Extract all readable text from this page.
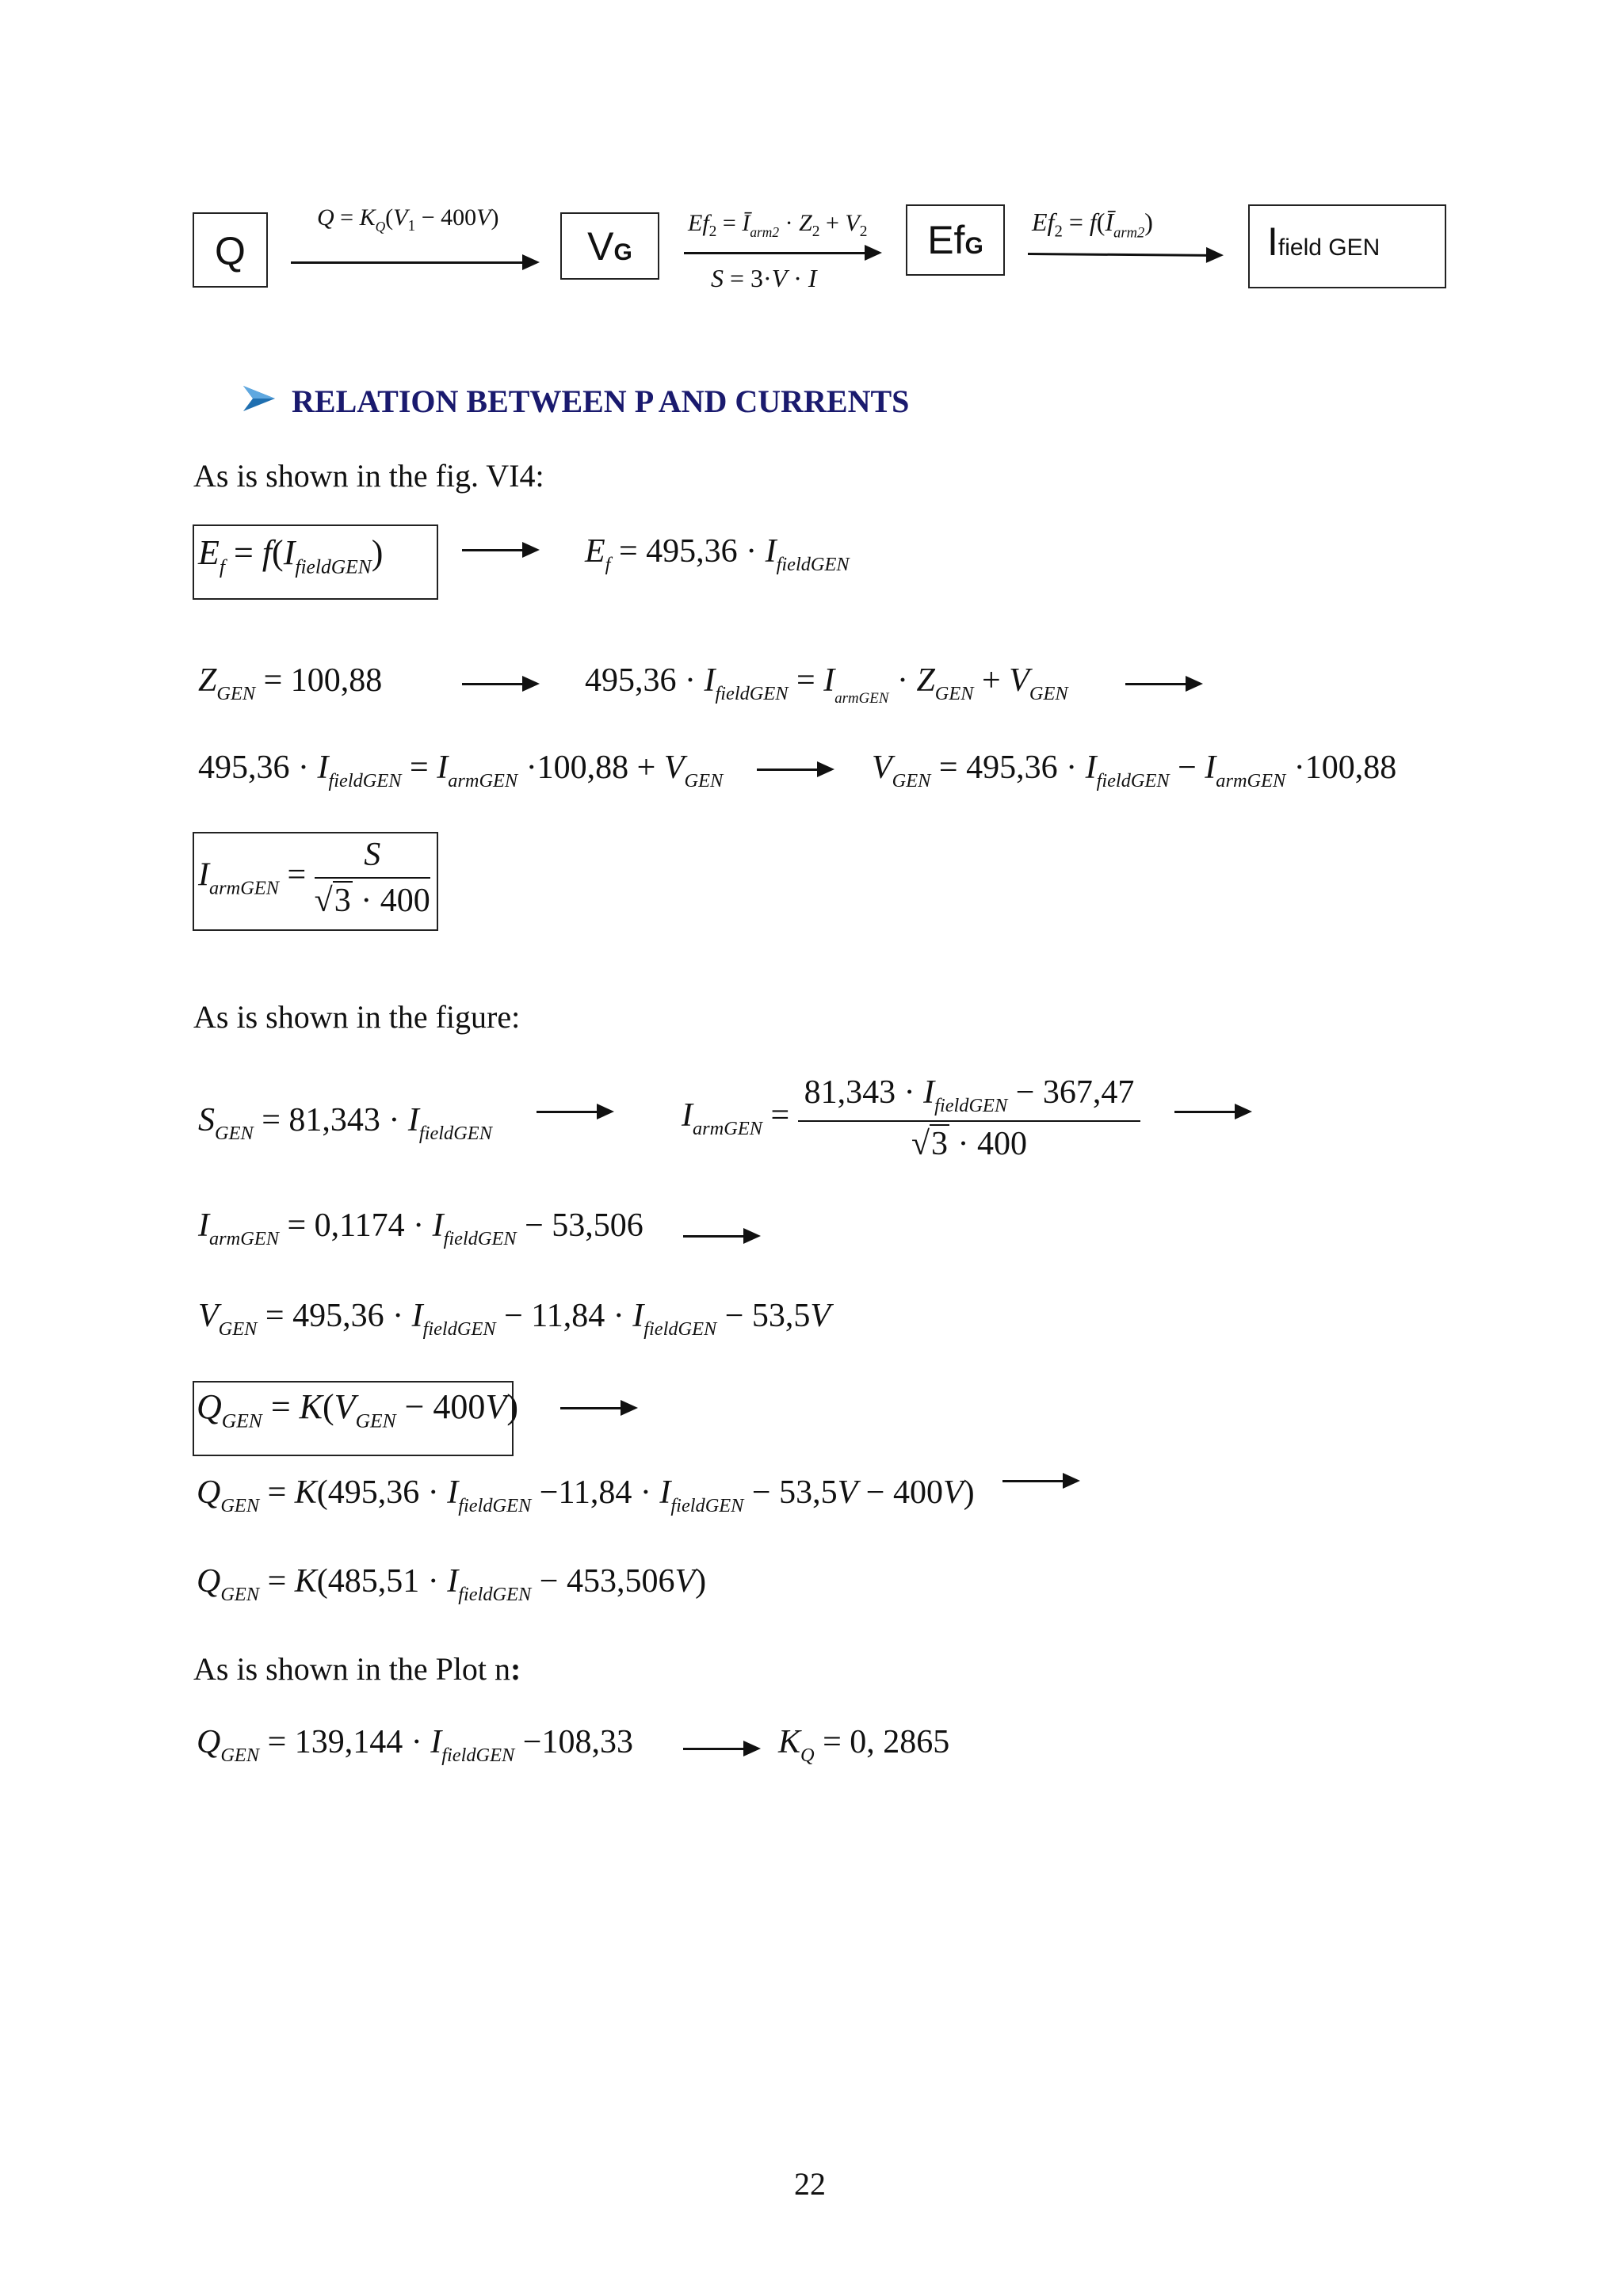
Q
$Q = K_Q(V_1 - 400V)$
VG
$Ef_2$ = $Ī_{arm2} \cdot Z_2 + V_2$
S = 3·V · I
EfG
$Ef_2$ = $f(Ī_{arm2})$	Ifield GEN
RELATION BETWEEN P AND CURRENTS
As is shown in the fig. VI4:
$E_f = f(I_{fieldGEN})$	$E_f = 495,36 \cdot I_{fieldGEN}$
$Z_{GEN} = 100,88$	$495,36 \cdot I_{fieldGEN} = I_{armGEN} \cdot Z_{GEN} + V_{GEN}$
$495,36 \cdot I_{fieldGEN} = I_{armGEN} \cdot 100,88 + V_{GEN}$	$V_{GEN} = 495,36 \cdot I_{fieldGEN} - I_{armGEN} \cdot 100,88$
$I_{armGEN} = \frac{S}{√3 \cdot 400}$
As is shown in the figure:
$S_{GEN} = 81,343 \cdot I_{fieldGEN}$	$I_{armGEN} = \frac{81,343 \cdot I_{fieldGEN} - 367,47}{√3 \cdot 400}$
$I_{armGEN} = 0,1174 \cdot I_{fieldGEN} - 53,506$
$V_{GEN} = 495,36 \cdot I_{fieldGEN} - 11,84 \cdot I_{fieldGEN} - 53,5V$
$Q_{GEN} = K(V_{GEN} - 400V)$
$Q_{GEN} = K(495,36 \cdot I_{fieldGEN} -11,84 \cdot I_{fieldGEN} - 53,5V - 400V)$
$Q_{GEN} = K(485,51 \cdot I_{fieldGEN} - 453,506V)$
As is shown in the Plot n:
$Q_{GEN} = 139,144 \cdot I_{fieldGEN} -108,33$	$K_Q = 0$, 2865
22
